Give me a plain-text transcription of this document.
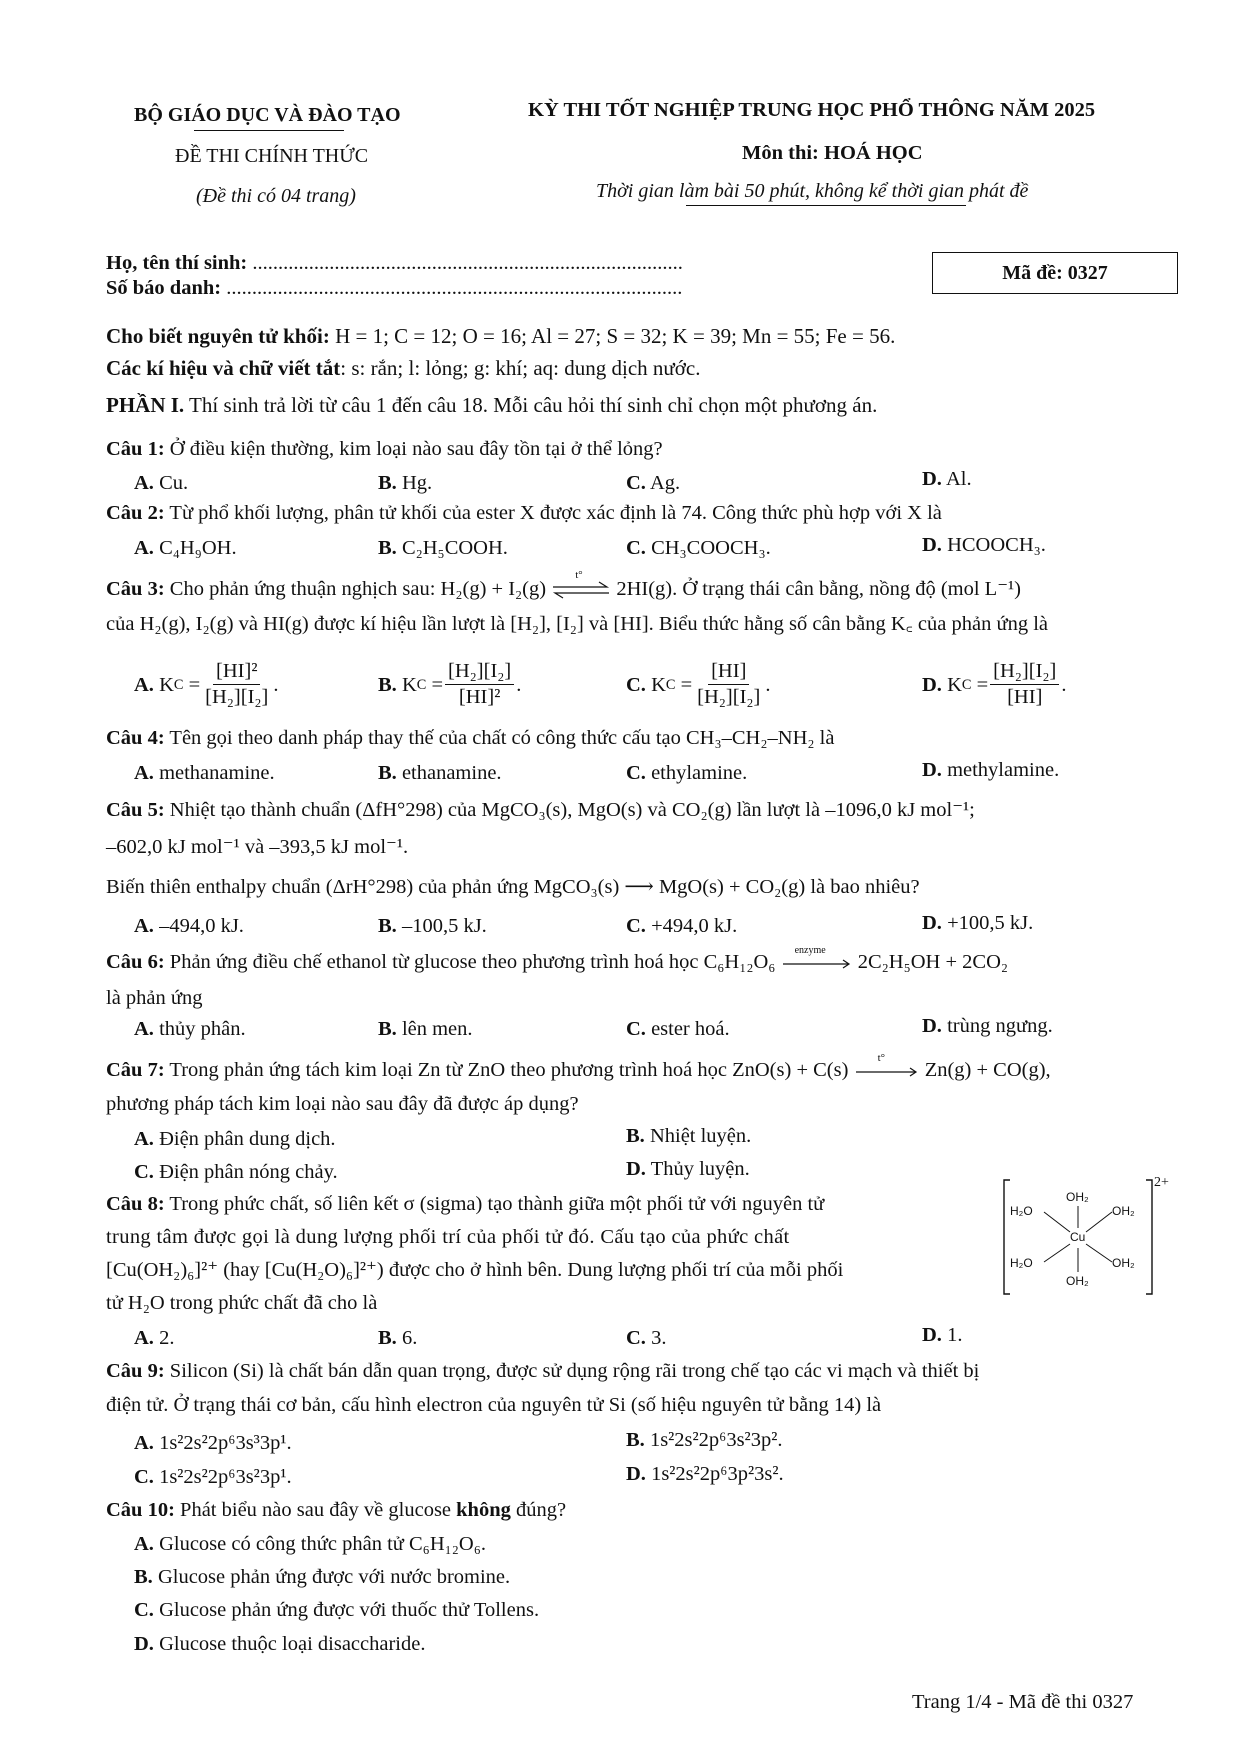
BỘ GIÁO DỤC VÀ ĐÀO TẠO
ĐỀ THI CHÍNH THỨC
(Đề thi có 04 trang)
KỲ THI TỐT NGHIỆP TRUNG HỌC PHỔ THÔNG NĂM 2025
Môn thi: HOÁ HỌC
Thời gian làm bài 50 phút, không kể thời gian phát đề
Họ, tên thí sinh: ....................................................................................
Số báo danh: .........................................................................................
Mã đề: 0327
Cho biết nguyên tử khối: H = 1; C = 12; O = 16; Al = 27; S = 32; K = 39; Mn = 55; Fe = 56.
Các kí hiệu và chữ viết tắt: s: rắn; l: lỏng; g: khí; aq: dung dịch nước.
PHẦN I. Thí sinh trả lời từ câu 1 đến câu 18. Mỗi câu hỏi thí sinh chỉ chọn một phương án.
Câu 1: Ở điều kiện thường, kim loại nào sau đây tồn tại ở thể lỏng?
A. Cu.	B. Hg.	C. Ag.	D. Al.
Câu 2: Từ phổ khối lượng, phân tử khối của ester X được xác định là 74. Công thức phù hợp với X là
A. C₄H₉OH.	B. C₂H₅COOH.	C. CH₃COOCH₃.	D. HCOOCH₃.
Câu 3: Cho phản ứng thuận nghịch sau: H₂(g) + I₂(g)
t°
2HI(g). Ở trạng thái cân bằng, nồng độ (mol L⁻¹)
của H₂(g), I₂(g) và HI(g) được kí hiệu lần lượt là [H₂], [I₂] và [HI]. Biểu thức hằng số cân bằng K꜀ của phản ứng là
A.
K $C = \frac{\text{[HI]²}}{\text{[H₂][I₂]}}$ .	B.
K $C = \frac{\text{[H₂][I₂]}}{\text{[HI]²}}$ .	C.
K $C = \frac{[HI]}{\text{[H₂][I₂]}}$ .	D.
K $C = \frac{\text{[H₂][I₂]}}{[HI]}$ .
Câu 4: Tên gọi theo danh pháp thay thế của chất có công thức cấu tạo CH₃–CH₂–NH₂ là
A. methanamine.	B. ethanamine.	C. ethylamine.	D. methylamine.
Câu 5: Nhiệt tạo thành chuẩn (ΔfH°298) của MgCO₃(s), MgO(s) và CO₂(g) lần lượt là –1096,0 kJ mol⁻¹;
–602,0 kJ mol⁻¹ và –393,5 kJ mol⁻¹.
Biến thiên enthalpy chuẩn (ΔrH°298) của phản ứng MgCO₃(s) ⟶ MgO(s) + CO₂(g) là bao nhiêu?
A. –494,0 kJ.	B. –100,5 kJ.	C. +494,0 kJ.	D. +100,5 kJ.
Câu 6: Phản ứng điều chế ethanol từ glucose theo phương trình hoá học C₆H₁₂O₆
enzyme
2C₂H₅OH + 2CO₂
là phản ứng
A. thủy phân.	B. lên men.	C. ester hoá.	D. trùng ngưng.
Câu 7: Trong phản ứng tách kim loại Zn từ ZnO theo phương trình hoá học ZnO(s) + C(s)
t°
Zn(g) + CO(g),
phương pháp tách kim loại nào sau đây đã được áp dụng?
A. Điện phân dung dịch.	B. Nhiệt luyện.
C. Điện phân nóng chảy.	D. Thủy luyện.
Câu 8: Trong phức chất, số liên kết σ (sigma) tạo thành giữa một phối tử với nguyên tử
trung tâm được gọi là dung lượng phối trí của phối tử đó. Cấu tạo của phức chất
[Cu(OH₂)₆]²⁺ (hay [Cu(H₂O)₆]²⁺) được cho ở hình bên. Dung lượng phối trí của mỗi phối
tử H₂O trong phức chất đã cho là
A. 2.	B. 6.	C. 3.	D. 1.
OH₂
H₂O	OH₂
Cu
H₂O	OH₂
OH₂
2+
Câu 9: Silicon (Si) là chất bán dẫn quan trọng, được sử dụng rộng rãi trong chế tạo các vi mạch và thiết bị
điện tử. Ở trạng thái cơ bản, cấu hình electron của nguyên tử Si (số hiệu nguyên tử bằng 14) là
A. 1s²2s²2p⁶3s³3p¹.	B. 1s²2s²2p⁶3s²3p².
C. 1s²2s²2p⁶3s²3p¹.	D. 1s²2s²2p⁶3p²3s².
Câu 10: Phát biểu nào sau đây về glucose không đúng?
A. Glucose có công thức phân tử C₆H₁₂O₆.
B. Glucose phản ứng được với nước bromine.
C. Glucose phản ứng được với thuốc thử Tollens.
D. Glucose thuộc loại disaccharide.
Trang 1/4 - Mã đề thi 0327
